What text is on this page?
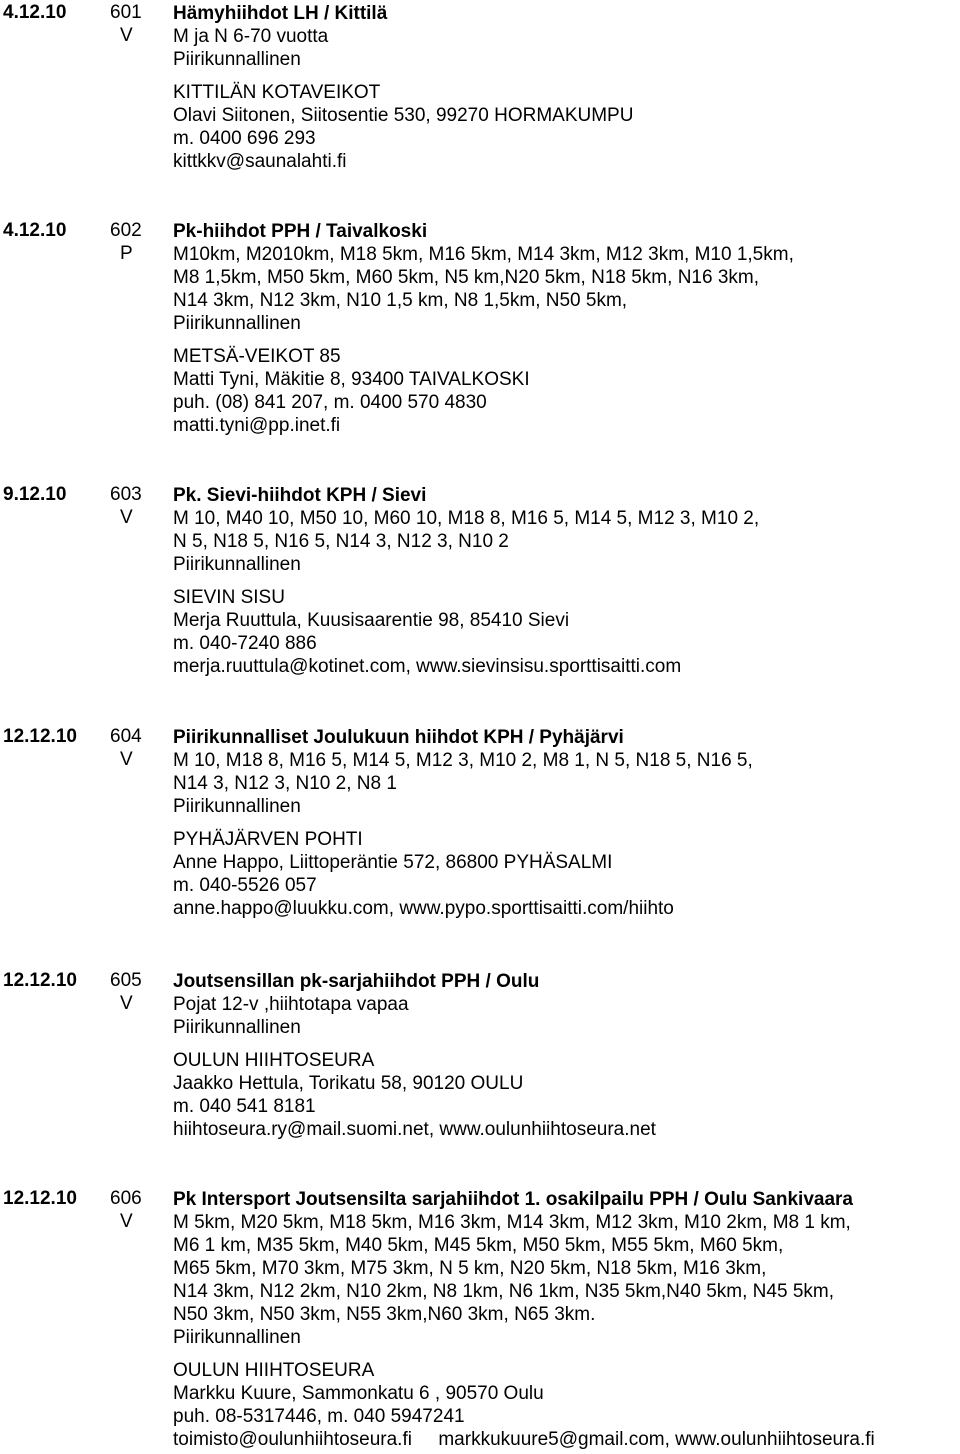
4.12.10 601
V
Hämyhiihdot LH / Kittilä
M ja N 6-70 vuotta
Piirikunnallinen
KITTILÄN KOTAVEIKOT
Olavi Siitonen, Siitosentie 530, 99270 HORMAKUMPU
m. 0400 696 293
kittkkv@saunalahti.fi
4.12.10 602
P
Pk-hiihdot PPH / Taivalkoski
M10km, M2010km, M18 5km, M16 5km, M14 3km, M12 3km, M10 1,5km,
M8 1,5km, M50 5km, M60 5km, N5 km,N20 5km, N18 5km, N16 3km,
N14 3km, N12 3km, N10 1,5 km, N8 1,5km, N50 5km,
Piirikunnallinen
METSÄ-VEIKOT 85
Matti Tyni, Mäkitie 8, 93400 TAIVALKOSKI
puh. (08) 841 207, m. 0400 570 4830
matti.tyni@pp.inet.fi
9.12.10 603
V
Pk. Sievi-hiihdot KPH / Sievi
M 10, M40 10, M50 10, M60 10, M18 8, M16 5, M14 5, M12 3, M10 2,
N 5, N18 5, N16 5, N14 3, N12 3, N10 2
Piirikunnallinen
SIEVIN SISU
Merja Ruuttula, Kuusisaarentie 98, 85410 Sievi
m. 040-7240 886
merja.ruuttula@kotinet.com, www.sievinsisu.sporttisaitti.com
12.12.10 604
V
Piirikunnalliset Joulukuun hiihdot KPH / Pyhäjärvi
M 10, M18 8, M16 5, M14 5, M12 3, M10 2, M8 1, N 5, N18 5, N16 5,
N14 3, N12 3, N10 2, N8 1
Piirikunnallinen
PYHÄJÄRVEN POHTI
Anne Happo, Liittoperäntie 572, 86800 PYHÄSALMI
m. 040-5526 057
anne.happo@luukku.com, www.pypo.sporttisaitti.com/hiihto
12.12.10 605
V
Joutsensillan pk-sarjahiihdot PPH / Oulu
Pojat 12-v ,hiihtotapa vapaa
Piirikunnallinen
OULUN HIIHTOSEURA
Jaakko Hettula, Torikatu 58, 90120 OULU
m. 040 541 8181
hiihtoseura.ry@mail.suomi.net, www.oulunhiihtoseura.net
12.12.10 606
V
Pk Intersport Joutsensilta sarjahiihdot 1. osakilpailu PPH / Oulu Sankivaara
M 5km, M20 5km, M18 5km, M16 3km, M14 3km, M12 3km, M10 2km, M8 1 km,
M6 1 km, M35 5km, M40 5km, M45 5km, M50 5km, M55 5km, M60 5km,
M65 5km, M70 3km, M75 3km, N 5 km, N20 5km, N18 5km, M16 3km,
N14 3km, N12 2km, N10 2km, N8 1km, N6 1km, N35 5km,N40 5km, N45 5km,
N50 3km, N50 3km, N55 3km,N60 3km, N65 3km.
Piirikunnallinen
OULUN HIIHTOSEURA
Markku Kuure, Sammonkatu 6 , 90570 Oulu
puh. 08-5317446, m. 040 5947241
toimisto@oulunhiihtoseura.fi     markkukuure5@gmail.com, www.oulunhiihtoseura.fi
